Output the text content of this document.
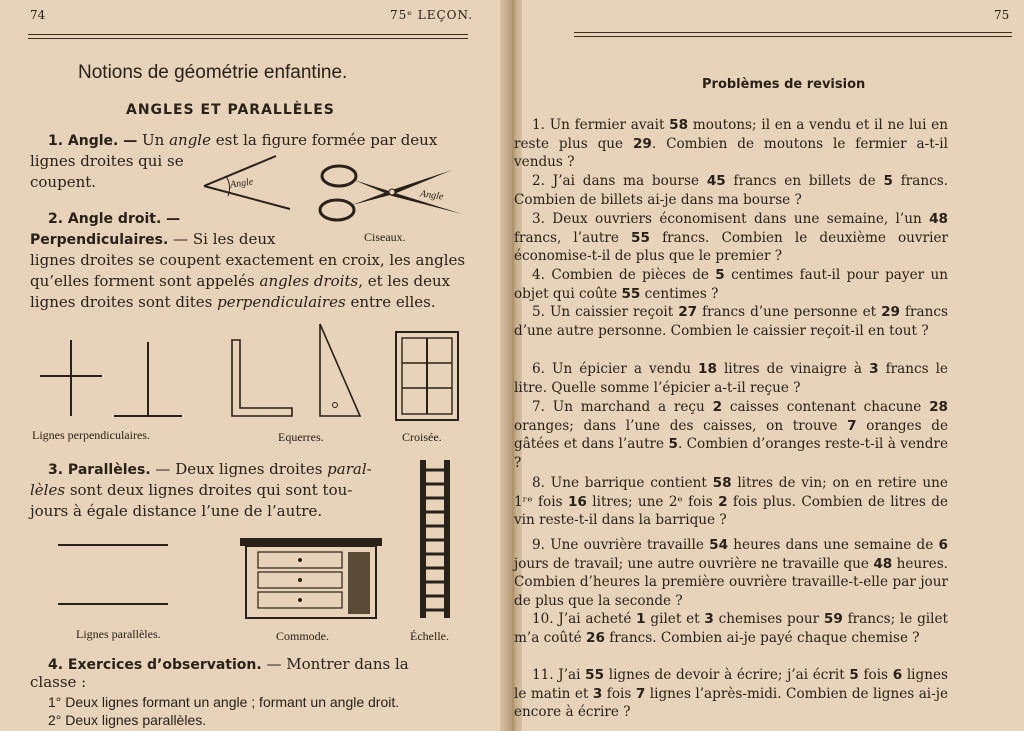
74	75ᵉ LEÇON.
Notions de géométrie enfantine.
ANGLES ET PARALLÈLES
1. Angle. — Un angle est la figure formée par deux
lignes droites qui se
coupent.	Angle
Angle
Ciseaux.
2. Angle droit. —
Perpendiculaires. — Si les deux
lignes droites se coupent exactement en croix, les angles
qu’elles forment sont appelés angles droits, et les deux
lignes droites sont dites perpendiculaires entre elles.
Lignes perpendiculaires.	Equerres.	Croisée.
3. Parallèles. — Deux lignes droites paral-
lèles sont deux lignes droites qui sont tou-
jours à égale distance l’une de l’autre.
Lignes parallèles.	Commode.	Échelle.
4. Exercices d’observation. — Montrer dans la
classe :
1° Deux lignes formant un angle ; formant un angle droit.
2° Deux lignes parallèles.
75
Problèmes de revision
1. Un fermier avait 58 moutons; il en a vendu et il ne lui en reste plus que 29. Combien de moutons le fermier a-t-il vendus ?
2. J’ai dans ma bourse 45 francs en billets de 5 francs. Combien de billets ai-je dans ma bourse ?
3. Deux ouvriers économisent dans une semaine, l’un 48 francs, l’autre 55 francs. Combien le deuxième ouvrier économise-t-il de plus que le premier ?
4. Combien de pièces de 5 centimes faut-il pour payer un objet qui coûte 55 centimes ?
5. Un caissier reçoit 27 francs d’une personne et 29 francs d’une autre personne. Combien le caissier reçoit-il en tout ?
6. Un épicier a vendu 18 litres de vinaigre à 3 francs le litre. Quelle somme l’épicier a-t-il reçue ?
7. Un marchand a reçu 2 caisses contenant chacune 28 oranges; dans l’une des caisses, on trouve 7 oranges de gâtées et dans l’autre 5. Combien d’oranges reste-t-il à vendre ?
8. Une barrique contient 58 litres de vin; on en retire une 1ʳᵉ fois 16 litres; une 2ᵉ fois 2 fois plus. Combien de litres de vin reste-t-il dans la barrique ?
9. Une ouvrière travaille 54 heures dans une semaine de 6 jours de travail; une autre ouvrière ne travaille que 48 heures. Combien d’heures la première ouvrière travaille-t-elle par jour de plus que la seconde ?
10. J’ai acheté 1 gilet et 3 chemises pour 59 francs; le gilet m’a coûté 26 francs. Combien ai-je payé chaque chemise ?
11. J’ai 55 lignes de devoir à écrire; j’ai écrit 5 fois 6 lignes le matin et 3 fois 7 lignes l’après-midi. Combien de lignes ai-je encore à écrire ?
